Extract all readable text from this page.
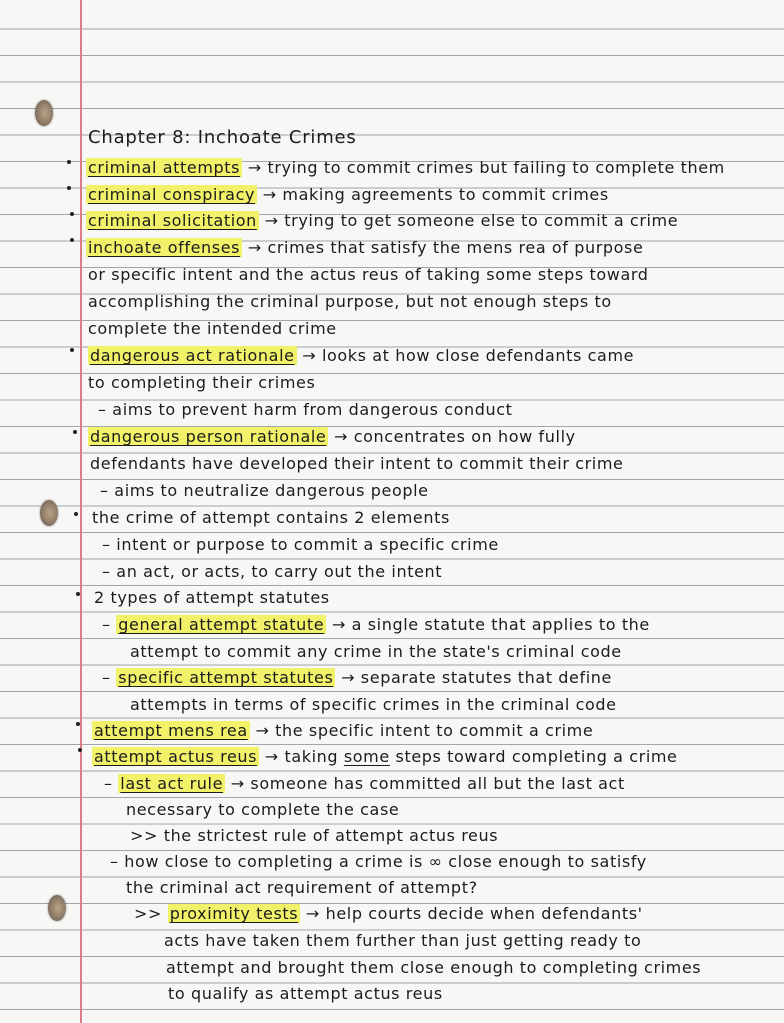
Chapter 8: Inchoate Crimes
criminal attempts → trying to commit crimes but failing to complete them
criminal conspiracy → making agreements to commit crimes
criminal solicitation → trying to get someone else to commit a crime
inchoate offenses → crimes that satisfy the mens rea of purpose
or specific intent and the actus reus of taking some steps toward
accomplishing the criminal purpose, but not enough steps to
complete the intended crime
dangerous act rationale → looks at how close defendants came
to completing their crimes
– aims to prevent harm from dangerous conduct
dangerous person rationale → concentrates on how fully
defendants have developed their intent to commit their crime
– aims to neutralize dangerous people
the crime of attempt contains 2 elements
– intent or purpose to commit a specific crime
– an act, or acts, to carry out the intent
2 types of attempt statutes
– general attempt statute → a single statute that applies to the
attempt to commit any crime in the state's criminal code
– specific attempt statutes → separate statutes that define
attempts in terms of specific crimes in the criminal code
attempt mens rea → the specific intent to commit a crime
attempt actus reus → taking some steps toward completing a crime
– last act rule → someone has committed all but the last act
necessary to complete the case
>> the strictest rule of attempt actus reus
– how close to completing a crime is ∞ close enough to satisfy
the criminal act requirement of attempt?
>> proximity tests → help courts decide when defendants'
acts have taken them further than just getting ready to
attempt and brought them close enough to completing crimes
to qualify as attempt actus reus
